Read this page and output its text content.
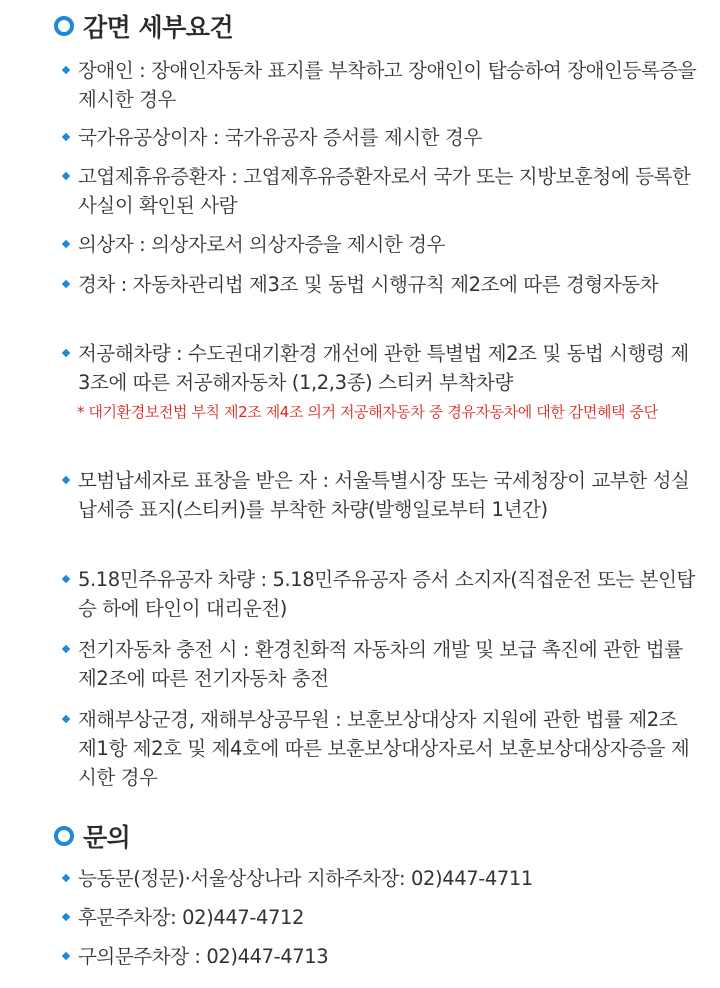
감면 세부요건
장애인 : 장애인자동차 표지를 부착하고 장애인이 탑승하여 장애인등록증을 제시한 경우
국가유공상이자 : 국가유공자 증서를 제시한 경우
고엽제휴유증환자 : 고엽제후유증환자로서 국가 또는 지방보훈청에 등록한 사실이 확인된 사람
의상자 : 의상자로서 의상자증을 제시한 경우
경차 : 자동차관리법 제3조 및 동법 시행규칙 제2조에 따른 경형자동차
저공해차량 : 수도권대기환경 개선에 관한 특별법 제2조 및 동법 시행령 제3조에 따른 저공해자동차 (1,2,3종) 스티커 부착차량
* 대기환경보전법 부칙 제2조 제4조 의거 저공해자동차 중 경유자동차에 대한 감면혜택 중단
모범납세자로 표창을 받은 자 : 서울특별시장 또는 국세청장이 교부한 성실납세증 표지(스티커)를 부착한 차량(발행일로부터 1년간)
5.18민주유공자 차량 : 5.18민주유공자 증서 소지자(직접운전 또는 본인탑승 하에 타인이 대리운전)
전기자동차 충전 시 : 환경친화적 자동차의 개발 및 보급 촉진에 관한 법률 제2조에 따른 전기자동차 충전
재해부상군경, 재해부상공무원 : 보훈보상대상자 지원에 관한 법률 제2조 제1항 제2호 및 제4호에 따른 보훈보상대상자로서 보훈보상대상자증을 제시한 경우
문의
능동문(정문)·서울상상나라 지하주차장: 02)447-4711
후문주차장: 02)447-4712
구의문주차장 : 02)447-4713
